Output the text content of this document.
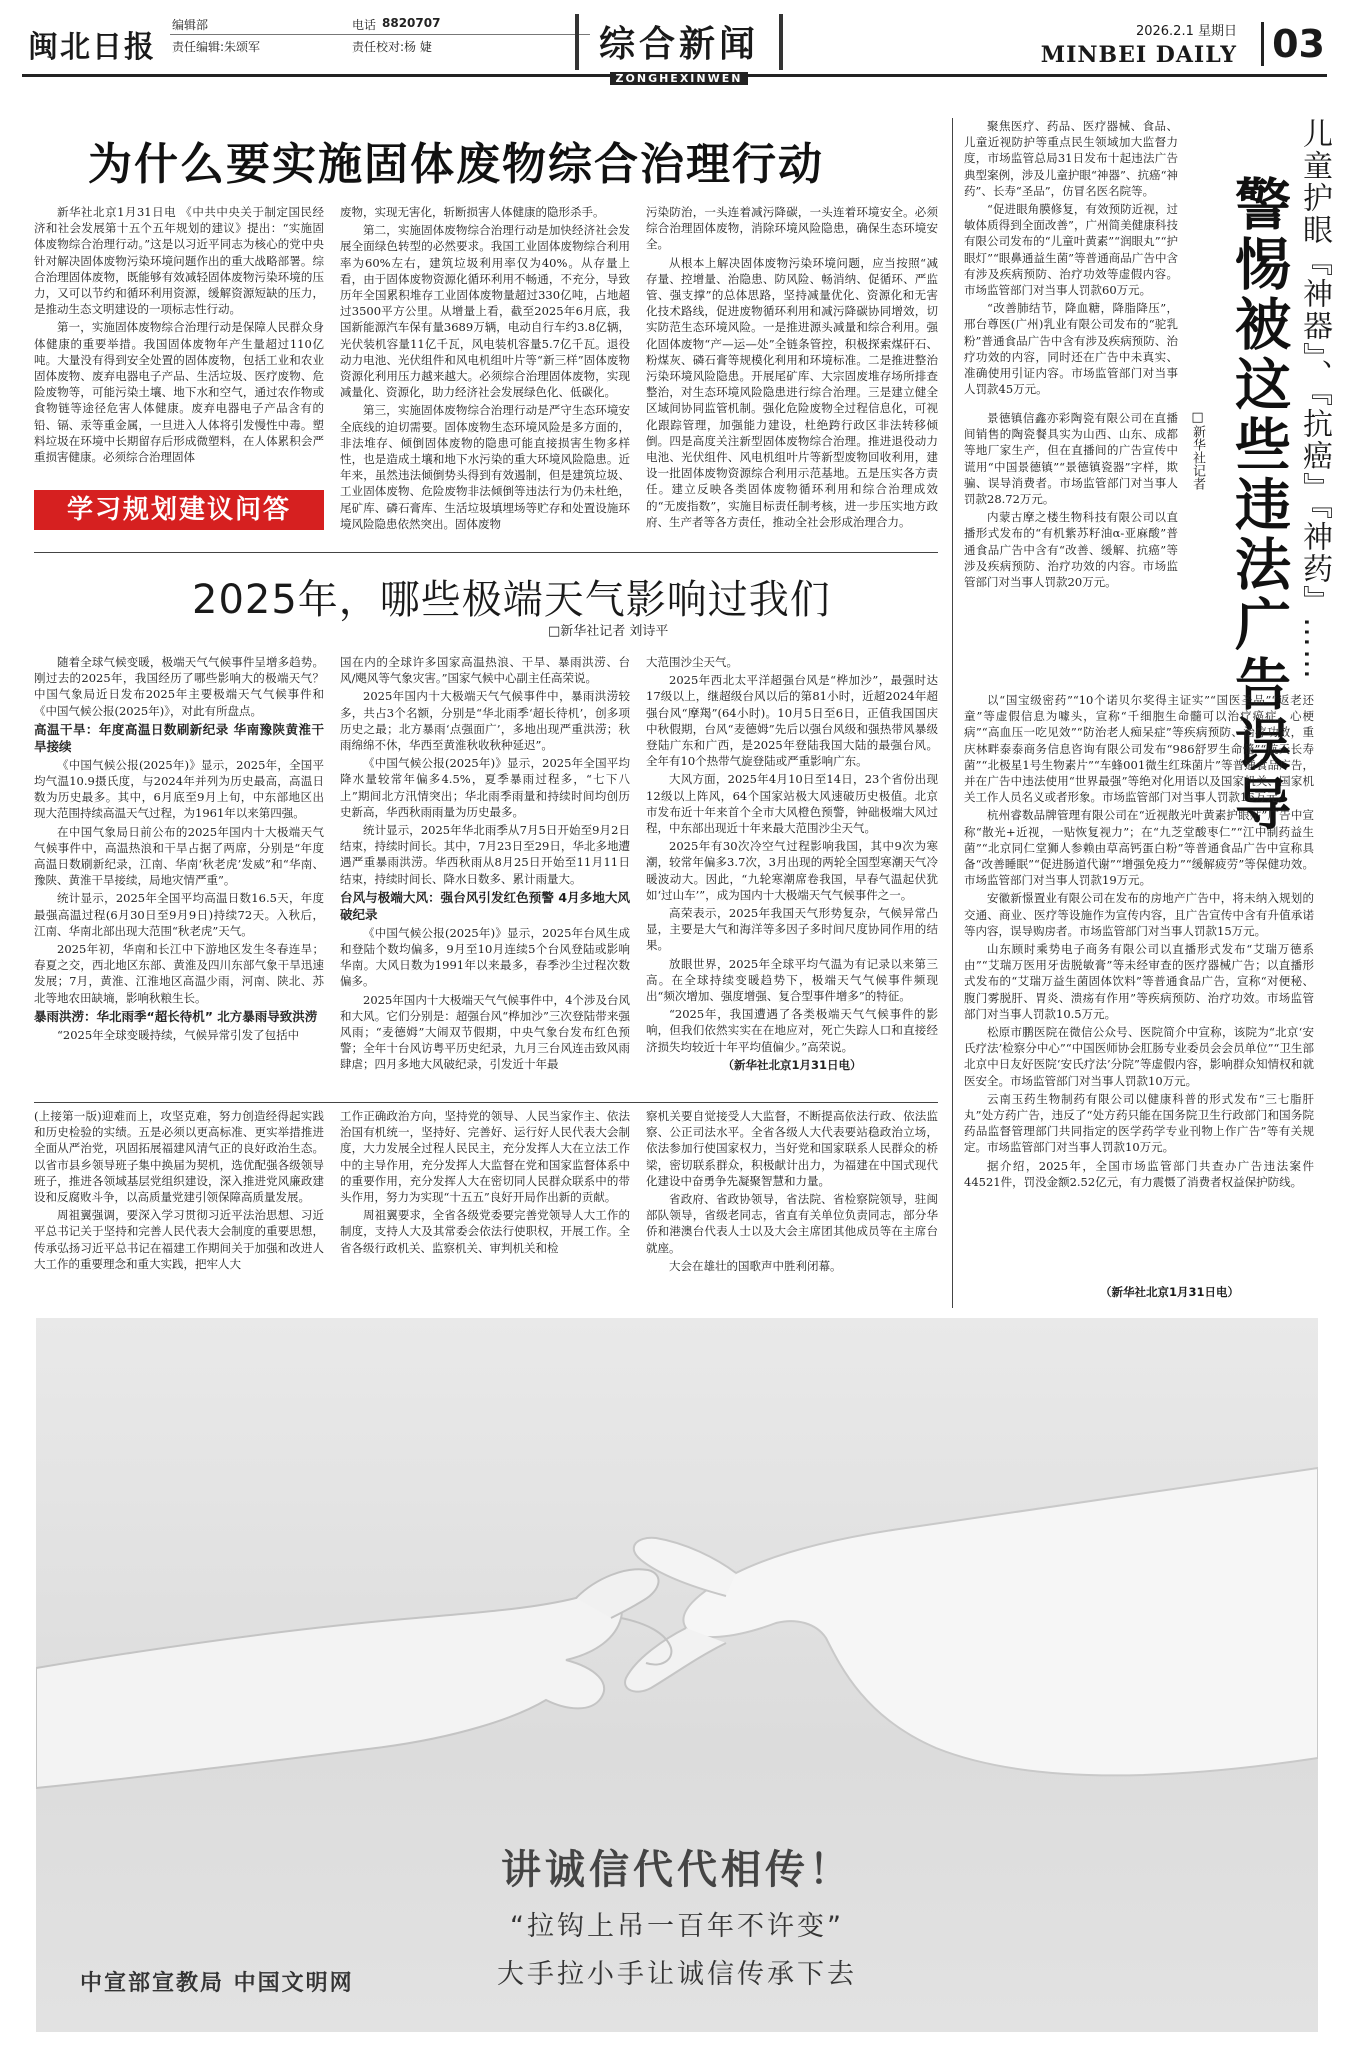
闽北日报
编辑部	电话 8820707
责任编辑:朱颂军	责任校对:杨 婕	综合新闻
ZONGHEXINWEN
2026.2.1 星期日
MINBEI DAILY 03
为什么要实施固体废物综合治理行动

新华社北京1月31日电 《中共中央关于制定国民经济和社会发展第十五个五年规划的建议》提出：“实施固体废物综合治理行动。”这是以习近平同志为核心的党中央针对解决固体废物污染环境问题作出的重大战略部署。综合治理固体废物，既能够有效减轻固体废物污染环境的压力，又可以节约和循环利用资源，缓解资源短缺的压力，是推动生态文明建设的一项标志性行动。

第一，实施固体废物综合治理行动是保障人民群众身体健康的重要举措。我国固体废物年产生量超过110亿吨。大量没有得到安全处置的固体废物，包括工业和农业固体废物、废弃电器电子产品、生活垃圾、医疗废物、危险废物等，可能污染土壤、地下水和空气，通过农作物或食物链等途径危害人体健康。废弃电器电子产品含有的铅、镉、汞等重金属，一旦进入人体将引发慢性中毒。塑料垃圾在环境中长期留存后形成微塑料，在人体累积会严重损害健康。必须综合治理固体

学习规划建议问答

废物，实现无害化，斩断损害人体健康的隐形杀手。

第二，实施固体废物综合治理行动是加快经济社会发展全面绿色转型的必然要求。我国工业固体废物综合利用率为60%左右，建筑垃圾利用率仅为40%。从存量上看，由于固体废物资源化循环利用不畅通，不充分，导致历年全国累积堆存工业固体废物量超过330亿吨，占地超过3500平方公里。从增量上看，截至2025年6月底，我国新能源汽车保有量3689万辆，电动自行车约3.8亿辆，光伏装机容量11亿千瓦，风电装机容量5.7亿千瓦。退役动力电池、光伏组件和风电机组叶片等“新三样”固体废物资源化利用压力越来越大。必须综合治理固体废物，实现减量化、资源化，助力经济社会发展绿色化、低碳化。

第三，实施固体废物综合治理行动是严守生态环境安全底线的迫切需要。固体废物生态环境风险是多方面的，非法堆存、倾倒固体废物的隐患可能直接损害生物多样性，也是造成土壤和地下水污染的重大环境风险隐患。近年来，虽然违法倾倒势头得到有效遏制，但是建筑垃圾、工业固体废物、危险废物非法倾倒等违法行为仍未杜绝，尾矿库、磷石膏库、生活垃圾填埋场等贮存和处置设施环境风险隐患依然突出。固体废物

污染防治，一头连着减污降碳，一头连着环境安全。必须综合治理固体废物，消除环境风险隐患，确保生态环境安全。

从根本上解决固体废物污染环境问题，应当按照“减存量、控增量、治隐患、防风险、畅消纳、促循环、严监管、强支撑”的总体思路，坚持减量优化、资源化和无害化技术路线，促进废物循环利用和减污降碳协同增效，切实防范生态环境风险。一是推进源头减量和综合利用。强化固体废物“产—运—处”全链条管控，积极探索煤矸石、粉煤灰、磷石膏等规模化利用和环境标准。二是推进整治污染环境风险隐患。开展尾矿库、大宗固废堆存场所排查整治，对生态环境风险隐患进行综合治理。三是建立健全区域间协同监管机制。强化危险废物全过程信息化，可视化跟踪管理，加强能力建设，杜绝跨行政区非法转移倾倒。四是高度关注新型固体废物综合治理。推进退役动力电池、光伏组件、风电机组叶片等新型废物回收利用，建设一批固体废物资源综合利用示范基地。五是压实各方责任。建立反映各类固体废物循环利用和综合治理成效的“无废指数”，实施目标责任制考核，进一步压实地方政府、生产者等各方责任，推动全社会形成治理合力。

2025年，哪些极端天气影响过我们
□新华社记者 刘诗平

随着全球气候变暖，极端天气气候事件呈增多趋势。刚过去的2025年，我国经历了哪些影响大的极端天气？中国气象局近日发布2025年主要极端天气气候事件和《中国气候公报(2025年)》，对此有所盘点。

高温干旱：年度高温日数刷新纪录 华南豫陕黄淮干旱接续

《中国气候公报(2025年)》显示，2025年，全国平均气温10.9摄氏度，与2024年并列为历史最高，高温日数为历史最多。其中，6月底至9月上旬，中东部地区出现大范围持续高温天气过程，为1961年以来第四强。

在中国气象局日前公布的2025年国内十大极端天气气候事件中，高温热浪和干旱占据了两席，分别是“年度高温日数刷新纪录，江南、华南‘秋老虎’发威”和“华南、豫陕、黄淮干旱接续，局地灾情严重”。

统计显示，2025年全国平均高温日数16.5天，年度最强高温过程(6月30日至9月9日)持续72天。入秋后，江南、华南北部出现大范围“秋老虎”天气。

2025年初，华南和长江中下游地区发生冬春连旱；春夏之交，西北地区东部、黄淮及四川东部气象干旱迅速发展；7月，黄淮、江淮地区高温少雨，河南、陕北、苏北等地农田缺墒，影响秋粮生长。

暴雨洪涝：华北雨季“超长待机” 北方暴雨导致洪涝

“2025年全球变暖持续，气候异常引发了包括中

国在内的全球许多国家高温热浪、干旱、暴雨洪涝、台风/飓风等气象灾害。”国家气候中心副主任高荣说。

2025年国内十大极端天气气候事件中，暴雨洪涝较多，共占3个名额，分别是“华北雨季‘超长待机’，创多项历史之最；北方暴雨‘点强面广’，多地出现严重洪涝；秋雨绵绵不休，华西至黄淮秋收秋种延迟”。

《中国气候公报(2025年)》显示，2025年全国平均降水量较常年偏多4.5%，夏季暴雨过程多，“七下八上”期间北方汛情突出；华北雨季雨量和持续时间均创历史新高，华西秋雨雨量为历史最多。

统计显示，2025年华北雨季从7月5日开始至9月2日结束，持续时间长。其中，7月23日至29日，华北多地遭遇严重暴雨洪涝。华西秋雨从8月25日开始至11月11日结束，持续时间长、降水日数多、累计雨量大。

台风与极端大风：强台风引发红色预警 4月多地大风破纪录

《中国气候公报(2025年)》显示，2025年台风生成和登陆个数均偏多，9月至10月连续5个台风登陆或影响华南。大风日数为1991年以来最多，春季沙尘过程次数偏多。

2025年国内十大极端天气气候事件中，4个涉及台风和大风。它们分别是：超强台风“桦加沙”三次登陆带来强风雨；“麦德姆”大闹双节假期，中央气象台发布红色预警；全年十台风访粤平历史纪录，九月三台风连击致风雨肆虐；四月多地大风破纪录，引发近十年最

大范围沙尘天气。

2025年西北太平洋超强台风是“桦加沙”，最强时达17级以上，继超级台风以后的第81小时，近超2024年超强台风“摩羯”(64小时)。10月5日至6日，正值我国国庆中秋假期，台风“麦德姆”先后以强台风级和强热带风暴级登陆广东和广西，是2025年登陆我国大陆的最强台风。全年有10个热带气旋登陆或严重影响广东。

大风方面，2025年4月10日至14日，23个省份出现12级以上阵风，64个国家站极大风速破历史极值。北京市发布近十年来首个全市大风橙色预警，钟础极端大风过程，中东部出现近十年来最大范围沙尘天气。

2025年有30次冷空气过程影响我国，其中9次为寒潮，较常年偏多3.7次，3月出现的两轮全国型寒潮天气冷暖波动大。因此，“九轮寒潮席卷我国，早春气温起伏犹如‘过山车’”，成为国内十大极端天气气候事件之一。

高荣表示，2025年我国天气形势复杂，气候异常凸显，主要是大气和海洋等多因子多时间尺度协同作用的结果。

放眼世界，2025年全球平均气温为有记录以来第三高。在全球持续变暖趋势下，极端天气气候事件频现出“频次增加、强度增强、复合型事件增多”的特征。

“2025年，我国遭遇了各类极端天气气候事件的影响，但我们依然实实在在地应对，死亡失踪人口和直接经济损失均较近十年平均值偏少。”高荣说。

（新华社北京1月31日电）

(上接第一版)迎难而上，攻坚克难，努力创造经得起实践和历史检验的实绩。五是必须以更高标准、更实举措推进全面从严治党，巩固拓展福建风清气正的良好政治生态。以省市县乡领导班子集中换届为契机，选优配强各级领导班子，推进各领域基层党组织建设，深入推进党风廉政建设和反腐败斗争，以高质量党建引领保障高质量发展。

周祖翼强调，要深入学习贯彻习近平法治思想、习近平总书记关于坚持和完善人民代表大会制度的重要思想，传承弘扬习近平总书记在福建工作期间关于加强和改进人大工作的重要理念和重大实践，把牢人大

工作正确政治方向，坚持党的领导、人民当家作主、依法治国有机统一，坚持好、完善好、运行好人民代表大会制度，大力发展全过程人民民主，充分发挥人大在立法工作中的主导作用，充分发挥人大监督在党和国家监督体系中的重要作用，充分发挥人大在密切同人民群众联系中的带头作用，努力为实现“十五五”良好开局作出新的贡献。

周祖翼要求，全省各级党委要完善党领导人大工作的制度，支持人大及其常委会依法行使职权，开展工作。全省各级行政机关、监察机关、审判机关和检

察机关要自觉接受人大监督，不断提高依法行政、依法监察、公正司法水平。全省各级人大代表要站稳政治立场，依法参加行使国家权力，当好党和国家联系人民群众的桥梁，密切联系群众，积极献计出力，为福建在中国式现代化建设中奋勇争先凝聚智慧和力量。

省政府、省政协领导，省法院、省检察院领导，驻闽部队领导，省级老同志，省直有关单位负责同志，部分华侨和港澳台代表人士以及大会主席团其他成员等在主席台就座。

大会在雄壮的国歌声中胜利闭幕。

儿童护眼『神器』、『抗癌』『神药』……
警惕被这些违法广告误导
□新华社记者

聚焦医疗、药品、医疗器械、食品、儿童近视防护等重点民生领域加大监督力度，市场监管总局31日发布十起违法广告典型案例，涉及儿童护眼“神器”、抗癌“神药”、长寿“圣品”，仿冒名医名院等。

“促进眼角膜修复，有效预防近视，过敏体质得到全面改善”，广州简美健康科技有限公司发布的“儿童叶黄素”“润眼丸”“护眼灯”“眼鼻通益生菌”等普通商品广告中含有涉及疾病预防、治疗功效等虚假内容。市场监管部门对当事人罚款60万元。

“改善肺结节，降血糖，降脂降压”，邢台尊医(广州)乳业有限公司发布的“驼乳粉”普通食品广告中含有涉及疾病预防、治疗功效的内容，同时还在广告中未真实、准确使用引证内容。市场监管部门对当事人罚款45万元。

景德镇信鑫亦彩陶瓷有限公司在直播间销售的陶瓷餐具实为山西、山东、成都等地厂家生产，但在直播间的广告宣传中谎用“中国景德镇”“景德镇瓷器”字样，欺骗、误导消费者。市场监管部门对当事人罚款28.72万元。

内蒙古摩之楼生物科技有限公司以直播形式发布的“有机紫苏籽油α-亚麻酸”普通食品广告中含有“改善、缓解、抗癌”等涉及疾病预防、治疗功效的内容。市场监管部门对当事人罚款20万元。

以“国宝级密药”“10个诺贝尔奖得主证实”“国医圣品”“返老还童”等虚假信息为噱头，宣称“千细胞生命髓可以治疗癌症、心梗病”“高血压一吃见效”“防治老人痴呆症”等疾病预防、治疗功效，重庆林畔泰泰商务信息咨询有限公司发布“986舒罗生命髓”“航天长寿菌”“北极星1号生物素片”“车蜂001微生红珠菌片”等普通食品广告，并在广告中违法使用“世界最强”等绝对化用语以及国家机关、国家机关工作人员名义或者形象。市场监管部门对当事人罚款16万元。

杭州睿数品牌管理有限公司在“近视散光叶黄素护眼贴”广告中宣称“散光+近视，一贴恢复视力”；在“九芝堂酸枣仁”“江中制药益生菌”“北京同仁堂狮人参赖由草高钙蛋白粉”等普通食品广告中宣称具备“改善睡眠”“促进肠道代谢”“增强免疫力”“缓解疲劳”等保健功效。市场监管部门对当事人罚款19万元。

安徽新憬置业有限公司在发布的房地产广告中，将未纳入规划的交通、商业、医疗等设施作为宣传内容，且广告宣传中含有升值承诺等内容，误导购房者。市场监管部门对当事人罚款15万元。

山东顾时乘势电子商务有限公司以直播形式发布“艾瑞万德系由”“艾瑞万医用牙齿脱敏膏”等未经审查的医疗器械广告；以直播形式发布的“艾瑞万益生菌固体饮料”等普通食品广告，宣称“对便秘、腹门雾脱肝、胃炎、溃疡有作用”等疾病预防、治疗功效。市场监管部门对当事人罚款10.5万元。

松原市鹏医院在微信公众号、医院简介中宣称，该院为“北京‘安氏疗法’检察分中心”“中国医师协会肛肠专业委员会会员单位”“卫生部北京中日友好医院‘安氏疗法’分院”等虚假内容，影响群众知情权和就医安全。市场监管部门对当事人罚款10万元。

云南玉药生物制药有限公司以健康科普的形式发布“三七脂肝丸”处方药广告，违反了“处方药只能在国务院卫生行政部门和国务院药品监督管理部门共同指定的医学药学专业刊物上作广告”等有关规定。市场监管部门对当事人罚款10万元。

据介绍，2025年，全国市场监管部门共查办广告违法案件44521件，罚没金额2.52亿元，有力震慑了消费者权益保护防线。

（新华社北京1月31日电）
讲诚信代代相传！
“拉钩上吊一百年不许变”
大手拉小手让诚信传承下去
中宣部宣教局 中国文明网
